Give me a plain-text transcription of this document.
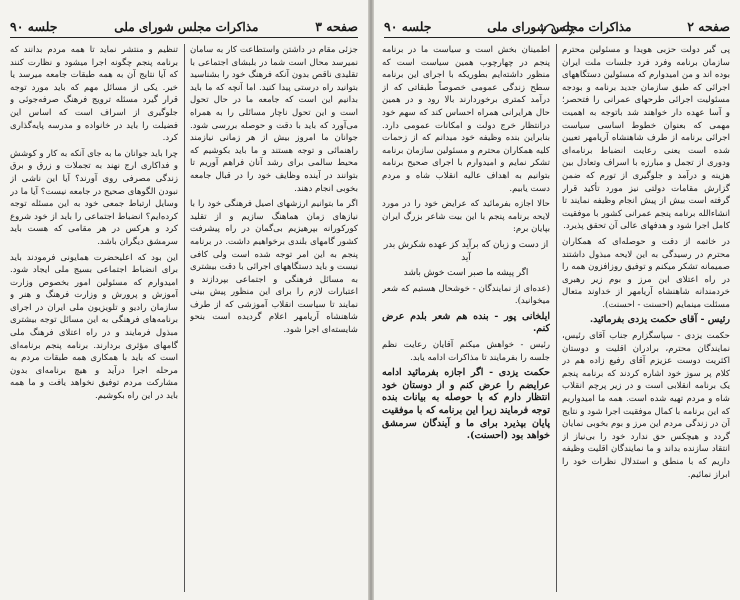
صفحه ۳
مذاکرات مجلس شورای ملی
جلسه ۹۰

جزئی مقام در داشتن واستطاعت کار به سامان نمیرسد محال است شما در بلبشای اجتماعی با تقلیدی ناقص بدون آنکه فرهنگ خود را بشناسید بتوانید راه درستی پیدا کنید. اما آنچه که ما باید بدانیم این است که جامعه ما در حال تحول است و این تحول ناچار مسائلی را به همراه می‌آورد که باید با دقت و حوصله بررسی شود. جوانان ما امروز بیش از هر زمانی نیازمند راهنمائی و توجه هستند و ما باید بکوشیم که محیط سالمی برای رشد آنان فراهم آوریم تا بتوانند در آینده وظایف خود را در قبال جامعه بخوبی انجام دهند.

اگر ما بتوانیم ارزشهای اصیل فرهنگی خود را با نیازهای زمان هماهنگ سازیم و از تقلید کورکورانه بپرهیزیم بی‌گمان در راه پیشرفت کشور گامهای بلندی برخواهیم داشت. در برنامه پنجم به این امر توجه شده است ولی کافی نیست و باید دستگاههای اجرائی با دقت بیشتری به مسائل فرهنگی و اجتماعی بپردازند و اعتبارات لازم را برای این منظور پیش بینی نمایند تا سیاست انقلاب آموزشی که از طرف شاهنشاه آریامهر اعلام گردیده است بنحو شایسته‌ای اجرا شود.

تنظیم و منتشر نماید تا همه مردم بدانند که برنامه پنجم چگونه اجرا میشود و نظارت کنند که آیا نتایج آن به همه طبقات جامعه میرسد یا خیر. یکی از مسائل مهم که باید مورد توجه قرار گیرد مسئله ترویج فرهنگ صرفه‌جوئی و جلوگیری از اسراف است که اساس این فضیلت را باید در خانواده و مدرسه پایه‌گذاری کرد.

چرا باید جوانان ما به جای آنکه به کار و کوشش و فداکاری ارج نهند به تجملات و زرق و برق زندگی مصرفی روی آورند؟ آیا این ناشی از نبودن الگوهای صحیح در جامعه نیست؟ آیا ما در وسایل ارتباط جمعی خود به این مسئله توجه کرده‌ایم؟ انضباط اجتماعی را باید از خود شروع کرد و هرکس در هر مقامی که هست باید سرمشق دیگران باشد.

این بود که اعلیحضرت همایونی فرمودند باید برای انضباط اجتماعی بسیج ملی ایجاد شود. امیدوارم که مسئولین امور بخصوص وزارت آموزش و پرورش و وزارت فرهنگ و هنر و سازمان رادیو و تلویزیون ملی ایران در اجرای برنامه‌های فرهنگی به این مسائل توجه بیشتری مبذول فرمایند و در راه اعتلای فرهنگ ملی گامهای مؤثری بردارند. برنامه پنجم برنامه‌ای است که باید با همکاری همه طبقات مردم به مرحله اجرا درآید و هیچ برنامه‌ای بدون مشارکت مردم توفیق نخواهد یافت و ما همه باید در این راه بکوشیم.

صفحه ۲
مذاکرات مجلس شورای ملی
جلسه ۹۰

پی گیر دولت حزبی هویدا و مسئولین محترم سازمان برنامه وفرد فرد جلسات ملت ایران بوده اند و من امیدوارم که مسئولین دستگاههای اجرائی که طبق سازمان جدید برنامه و بودجه مسئولیت اجرائی طرحهای عمرانی را فتحصر؛ و آسا عهده دار خواهند شد باتوجه به اهمیت مهمی که بعنوان خطوط اساسی سیاست اجرائی برنامه از طرف شاهنشاه آریامهر تعیین شده است یعنی رعایت انضباط برنامه‌ای ودوری از تجمل و مبارزه با اسراف وتعادل بین هزینه و درآمد و جلوگیری از تورم که ضمن گزارش مقامات دولتی نیز مورد تأکید قرار گرفته است بیش از پیش انجام وظیفه نمایند تا انشاءالله برنامه پنجم عمرانی کشور با موفقیت کامل اجرا شود و هدفهای عالی آن تحقق پذیرد.

در خاتمه از دقت و حوصله‌ای که همکاران محترم در رسیدگی به این لایحه مبذول داشتند صمیمانه تشکر میکنم و توفیق روزافزون همه را در راه اعتلای این مرز و بوم زیر رهبری خردمندانه شاهنشاه آریامهر از خداوند متعال مسئلت مینمایم (احسنت - احسنت).

رئیس - آقای حکمت یزدی بفرمائید.

حکمت یزدی - سپاسگزارم جناب آقای رئیس، نمایندگان محترم، برادران اقلیت و دوستان اکثریت دوست عزیزم آقای رفیع زاده هم در کلام پر سوز خود اشاره کردند که برنامه پنجم یک برنامه انقلابی است و در زیر پرچم انقلاب شاه و مردم تهیه شده است. همه ما امیدواریم که این برنامه با کمال موفقیت اجرا شود و نتایج آن در زندگی مردم این مرز و بوم بخوبی نمایان گردد و هیچکس حق ندارد خود را بی‌نیاز از انتقاد سازنده بداند و ما نمایندگان اقلیت وظیفه داریم که با منطق و استدلال نظرات خود را ابراز نمائیم.

اطمینان بخش است و سیاست ما در برنامه پنجم در چهارچوب همین سیاست است که منظور داشته‌ایم بطوریکه با اجرای این برنامه سطح زندگی عمومی خصوصاً طبقاتی که از درآمد کمتری برخوردارند بالا رود و در همین حال هرایرانی همراه احساس کند که سهم خود درانتظار خرج دولت و امکانات عمومی دارد. بنابراین بنده وظیفه خود میدانم که از زحمات کلیه همکاران محترم و مسئولین سازمان برنامه تشکر نمایم و امیدوارم با اجرای صحیح برنامه بتوانیم به اهداف عالیه انقلاب شاه و مردم دست یابیم.

حالا اجازه بفرمائید که عرایض خود را در مورد لایحه برنامه پنجم با این بیت شاعر بزرگ ایران بپایان برم:

از دست و زبان که برآید کز عهده شکرش بدر آید

اگر پیشه ما صبر است خوش باشد

(عده‌ای از نمایندگان - خوشحال هستیم که شعر میخوانید).

ایلخانی پور - بنده هم شعر بلدم عرض کنم.

رئیس - خواهش میکنم آقایان رعایت نظم جلسه را بفرمایند تا مذاکرات ادامه یابد.

حکمت یزدی - اگر اجازه بفرمائید ادامه عرایضم را عرض کنم و از دوستان خود انتظار دارم که با حوصله به بیانات بنده توجه فرمایند زیرا این برنامه که با موفقیت پایان بپذیرد برای ما و آیندگان سرمشق خواهد بود (احسنت).
